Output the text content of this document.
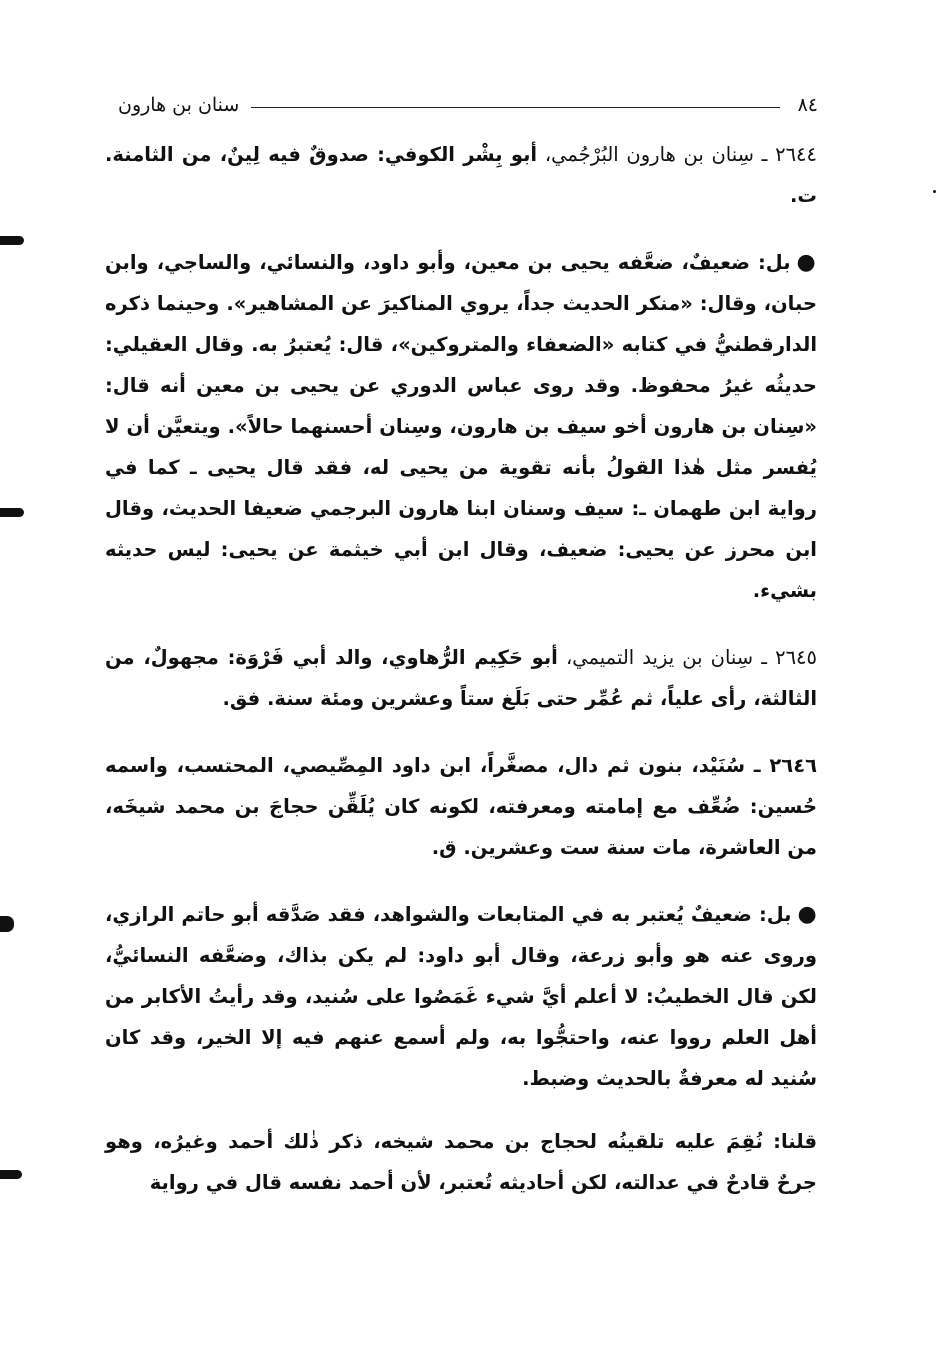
٨٤
سنان بن هارون

٢٦٤٤ ـ سِنان بن هارون البُرْجُمي، أبو بِشْر الكوفي: صدوقٌ فيه لِينٌ، من الثامنة. ت.

●بل: ضعيفٌ، ضعَّفه يحيى بن معين، وأبو داود، والنسائي، والساجي، وابن حبان، وقال: «منكر الحديث جداً، يروي المناكيرَ عن المشاهير». وحينما ذكره الدارقطنيُّ في كتابه «الضعفاء والمتروكين»، قال: يُعتبرُ به. وقال العقيلي: حديثُه غيرُ محفوظ. وقد روى عباس الدوري عن يحيى بن معين أنه قال: «سِنان بن هارون أخو سيف بن هارون، وسِنان أحسنهما حالاً». ويتعيَّن أن لا يُفسر مثل هٰذا القولُ بأنه تقوية من يحيى له، فقد قال يحيى ـ كما في رواية ابن طهمان ـ: سيف وسنان ابنا هارون البرجمي ضعيفا الحديث، وقال ابن محرز عن يحيى: ضعيف، وقال ابن أبي خيثمة عن يحيى: ليس حديثه بشيء.

٢٦٤٥ ـ سِنان بن يزيد التميمي، أبو حَكِيم الرُّهاوي، والد أبي فَرْوَة: مجهولٌ، من الثالثة، رأى علياً، ثم عُمِّر حتى بَلَغ ستاً وعشرين ومئة سنة. فق.

٢٦٤٦ ـ سُنَيْد، بنون ثم دال، مصغَّراً، ابن داود المِصِّيصي، المحتسب، واسمه حُسين: ضُعِّف مع إمامته ومعرفته، لكونه كان يُلَقِّن حجاجَ بن محمد شيخَه، من العاشرة، مات سنة ست وعشرين. ق.

●بل: ضعيفٌ يُعتبر به في المتابعات والشواهد، فقد صَدَّقه أبو حاتم الرازي، وروى عنه هو وأبو زرعة، وقال أبو داود: لم يكن بذاك، وضعَّفه النسائيُّ، لكن قال الخطيبُ: لا أعلم أيَّ شيء غَمَصُوا على سُنيد، وقد رأيتُ الأكابر من أهل العلم رووا عنه، واحتجُّوا به، ولم أسمع عنهم فيه إلا الخير، وقد كان سُنيد له معرفةٌ بالحديث وضبط.

قلنا: نُقِمَ عليه تلقينُه لحجاج بن محمد شيخه، ذكر ذٰلك أحمد وغيرُه، وهو جرحٌ قادحٌ في عدالته، لكن أحاديثه تُعتبر، لأن أحمد نفسه قال في رواية
